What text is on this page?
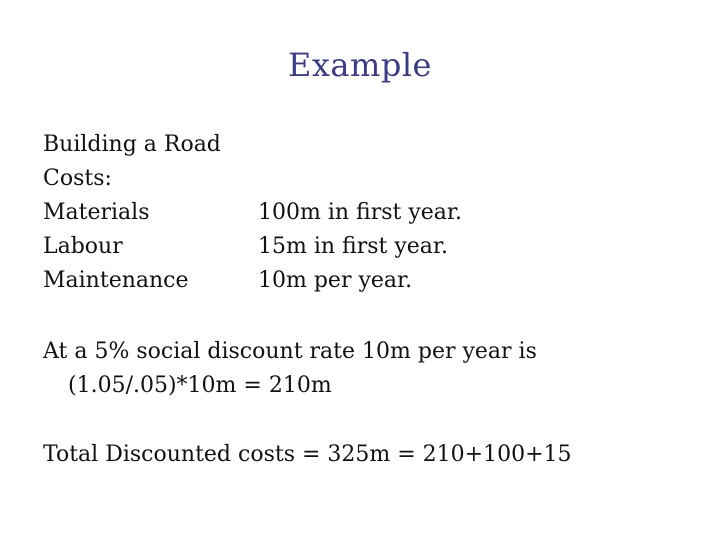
Example
Building a Road
Costs:
Materials	100m in first year.
Labour	15m in first year.
Maintenance	10m per year.
At a 5% social discount rate 10m per year is
(1.05/.05)*10m = 210m
Total Discounted costs = 325m = 210+100+15
